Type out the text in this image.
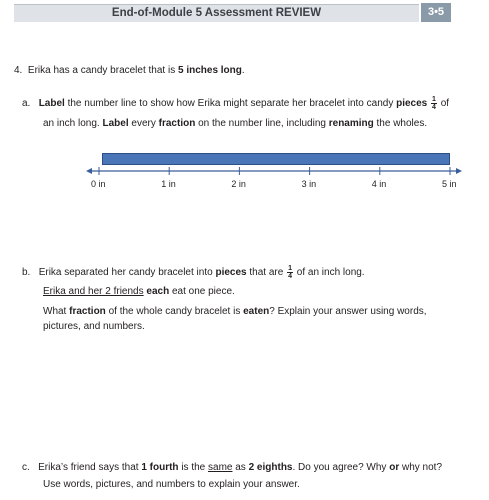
End-of-Module 5 Assessment REVIEW	3•5
4. Erika has a candy bracelet that is 5 inches long.
a. Label the number line to show how Erika might separate her bracelet into candy pieces $\frac{1}{4}$ of
an inch long. Label every fraction on the number line, including renaming the wholes.
0 in	1 in	2 in	3 in	4 in	5 in
b. Erika separated her candy bracelet into pieces that are $\frac{1}{4}$ of an inch long.
Erika and her 2 friends each eat one piece.
What fraction of the whole candy bracelet is eaten? Explain your answer using words,
pictures, and numbers.
c. Erika’s friend says that 1 fourth is the same as 2 eighths. Do you agree? Why or why not?
Use words, pictures, and numbers to explain your answer.
